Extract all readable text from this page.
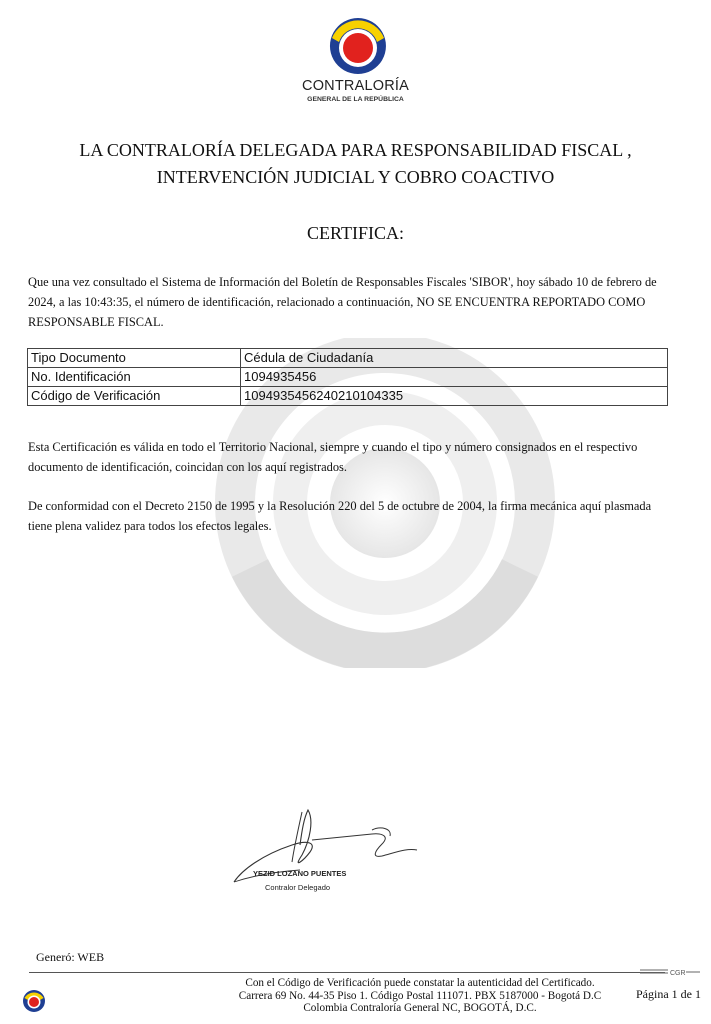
CONTRALORÍA
GENERAL DE LA REPÚBLICA
LA CONTRALORÍA DELEGADA PARA RESPONSABILIDAD FISCAL ,
INTERVENCIÓN JUDICIAL Y COBRO COACTIVO
CERTIFICA:
Que una vez consultado el Sistema de Información del Boletín de Responsables Fiscales 'SIBOR', hoy sábado 10 de febrero de 2024, a las 10:43:35, el número de identificación, relacionado a continuación, NO SE ENCUENTRA REPORTADO COMO RESPONSABLE FISCAL.
Tipo Documento	Cédula de Ciudadanía
No. Identificación	1094935456
Código de Verificación	1094935456240210104335
Esta Certificación es válida en todo el Territorio Nacional, siempre y cuando el tipo y número consignados en el respectivo documento de identificación, coincidan con los aquí registrados.
De conformidad con el Decreto 2150 de 1995 y la Resolución 220 del 5 de octubre de 2004, la firma mecánica aquí plasmada tiene plena validez para todos los efectos legales.
YEZID LOZANO PUENTES
Contralor Delegado
Generó: WEB
CGR
Con el Código de Verificación puede constatar la autenticidad del Certificado.
Carrera 69 No. 44-35 Piso 1. Código Postal 111071. PBX 5187000 - Bogotá D.C
Colombia Contraloría General NC, BOGOTÁ, D.C.
Página 1 de 1
